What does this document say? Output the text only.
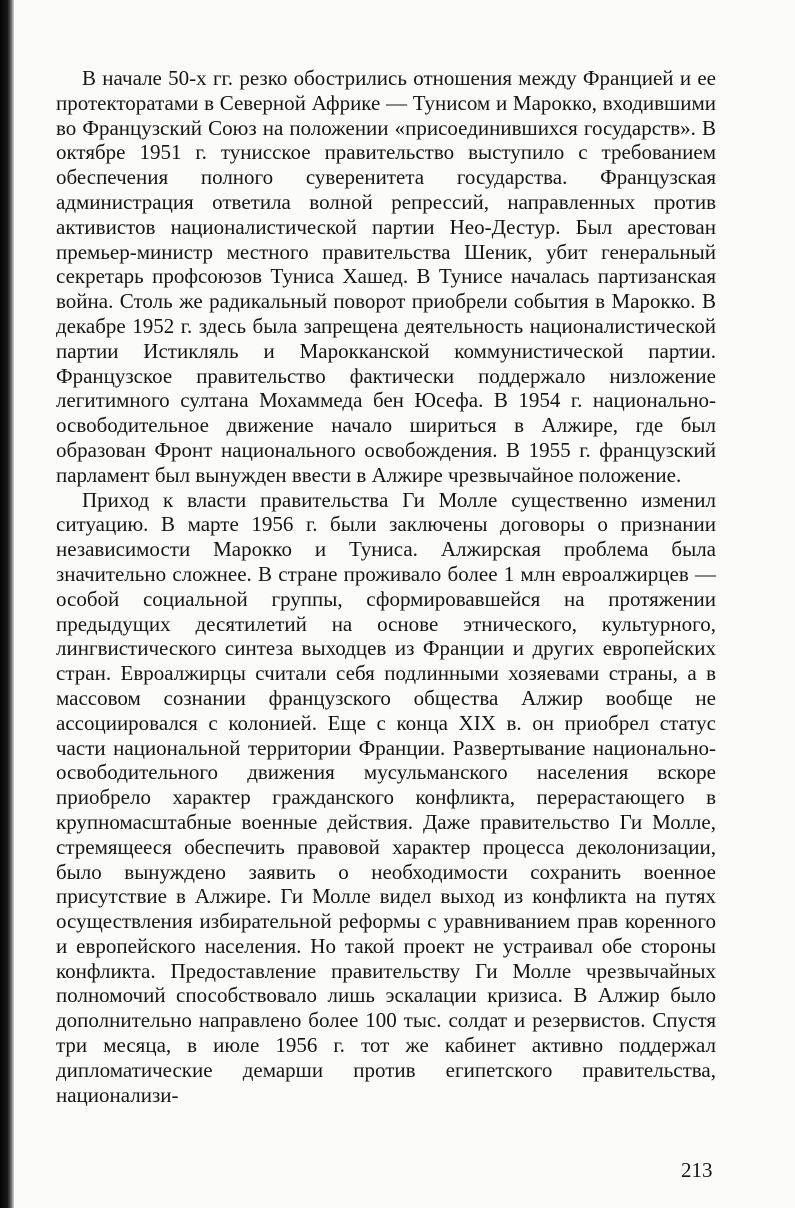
В начале 50-х гг. резко обострились отношения между Францией и ее протекторатами в Северной Африке — Тунисом и Марокко, входившими во Французский Союз на положении «присоединившихся государств». В октябре 1951 г. тунисское правительство выступило с требованием обеспечения полного суверенитета государства. Французская администрация ответила волной репрессий, направленных против активистов националистической партии Нео-Дестур. Был арестован премьер-министр местного правительства Шеник, убит генеральный секретарь профсоюзов Туниса Хашед. В Тунисе началась партизанская война. Столь же радикальный поворот приобрели события в Марокко. В декабре 1952 г. здесь была запрещена деятельность националистической партии Истикляль и Марокканской коммунистической партии. Французское правительство фактически поддержало низложение легитимного султана Мохаммеда бен Юсефа. В 1954 г. национально-освободительное движение начало шириться в Алжире, где был образован Фронт национального освобождения. В 1955 г. французский парламент был вынужден ввести в Алжире чрезвычайное положение.

Приход к власти правительства Ги Молле существенно изменил ситуацию. В марте 1956 г. были заключены договоры о признании независимости Марокко и Туниса. Алжирская проблема была значительно сложнее. В стране проживало более 1 млн евроалжирцев — особой социальной группы, сформировавшейся на протяжении предыдущих десятилетий на основе этнического, культурного, лингвистического синтеза выходцев из Франции и других европейских стран. Евроалжирцы считали себя подлинными хозяевами страны, а в массовом сознании французского общества Алжир вообще не ассоциировался с колонией. Еще с конца XIX в. он приобрел статус части национальной территории Франции. Развертывание национально-освободительного движения мусульманского населения вскоре приобрело характер гражданского конфликта, перерастающего в крупномасштабные военные действия. Даже правительство Ги Молле, стремящееся обеспечить правовой характер процесса деколонизации, было вынуждено заявить о необходимости сохранить военное присутствие в Алжире. Ги Молле видел выход из конфликта на путях осуществления избирательной реформы с уравниванием прав коренного и европейского населения. Но такой проект не устраивал обе стороны конфликта. Предоставление правительству Ги Молле чрезвычайных полномочий способствовало лишь эскалации кризиса. В Алжир было дополнительно направлено более 100 тыс. солдат и резервистов. Спустя три месяца, в июле 1956 г. тот же кабинет активно поддержал дипломатические демарши против египетского правительства, национализи-

213
